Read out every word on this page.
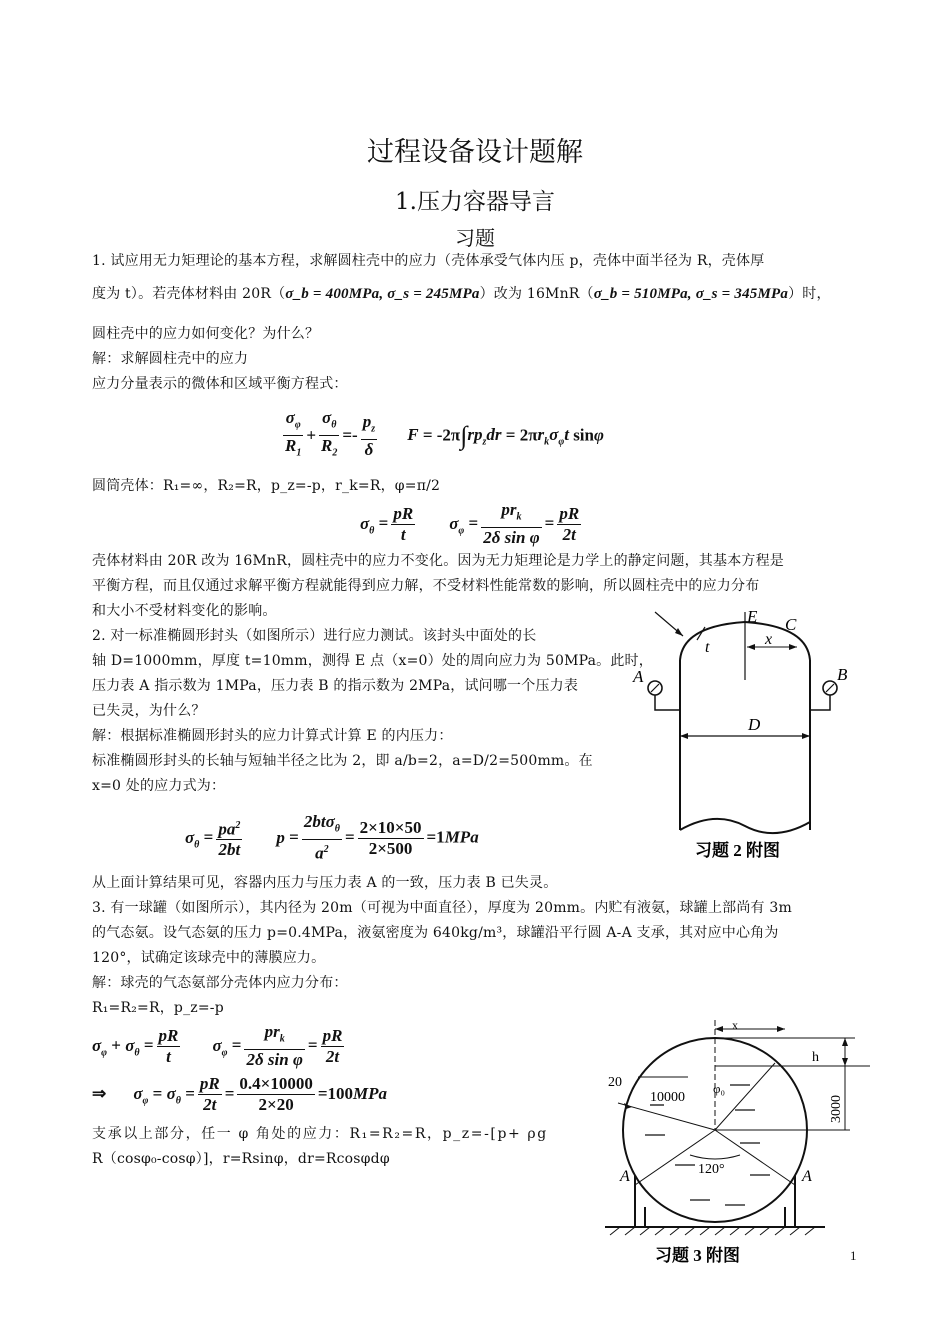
过程设备设计题解
1.压力容器导言
习题
1. 试应用无力矩理论的基本方程，求解圆柱壳中的应力（壳体承受气体内压 p，壳体中面半径为 R，壳体厚
度为 t）。若壳体材料由 20R（σ_b = 400MPa, σ_s = 245MPa）改为 16MnR（σ_b = 510MPa, σ_s = 345MPa）时，
圆柱壳中的应力如何变化？为什么？
解：求解圆柱壳中的应力
应力分量表示的微体和区域平衡方程式：
$\frac{\sigma_\varphi}{R_1} + \frac{\sigma_\theta}{R_2} =- \frac{p_z}{\delta}$ $F = -2\pi\int rp_zdr = 2\pi r_k\sigma_\varphi t$ sinφ
圆筒壳体：R₁=∞，R₂=R，p_z=-p，r_k=R，φ=π/2
$\sigma_\theta = \frac{pR}{t} \sigma_\varphi = \frac{pr_k}{\text{2δ sin φ}} = \frac{pR}{2t}$
壳体材料由 20R 改为 16MnR，圆柱壳中的应力不变化。因为无力矩理论是力学上的静定问题，其基本方程是
平衡方程，而且仅通过求解平衡方程就能得到应力解，不受材料性能常数的影响，所以圆柱壳中的应力分布
和大小不受材料变化的影响。
2. 对一标准椭圆形封头（如图所示）进行应力测试。该封头中面处的长
轴 D=1000mm，厚度 t=10mm，测得 E 点（x=0）处的周向应力为 50MPa。此时，
压力表 A 指示数为 1MPa，压力表 B 的指示数为 2MPa，试问哪一个压力表
已失灵，为什么？
解：根据标准椭圆形封头的应力计算式计算 E 的内压力：
标准椭圆形封头的长轴与短轴半径之比为 2，即 a/b=2，a=D/2=500mm。在
x=0 处的应力式为：
$\sigma_\theta = \frac{pa^2}{2bt}$ $p = \frac{2bt\sigma_\theta}{a^2} = \frac{2\times 10\times 50}{2\times 500} =1MPa$
E C
t	x
A	B
D
习题 2 附图
从上面计算结果可见，容器内压力与压力表 A 的一致，压力表 B 已失灵。
3. 有一球罐（如图所示），其内径为 20m（可视为中面直径），厚度为 20mm。内贮有液氨，球罐上部尚有 3m
的气态氨。设气态氨的压力 p=0.4MPa，液氨密度为 640kg/m³，球罐沿平行圆 A-A 支承，其对应中心角为
120°，试确定该球壳中的薄膜应力。
解：球壳的气态氨部分壳体内应力分布：
R₁=R₂=R，p_z=-p
$\sigma_\varphi + \sigma_\theta = \frac{pR}{t} \sigma_\varphi = \frac{pr_k}{\text{2δ sin φ}} = \frac{pR}{2t}$
⇒ $\sigma_\varphi = \sigma_\theta = \frac{pR}{2t} = \frac{0.4\times 10000}{2\times 20} =100MPa$
支承以上部分，任一 φ 角处的应力：R₁=R₂=R，p_z=-[p+ ρg
R（cosφ₀-cosφ）]，r=Rsinφ，dr=Rcosφdφ
x
h
20
10000
φ₀
3000
120°
A	A
习题 3 附图	1
